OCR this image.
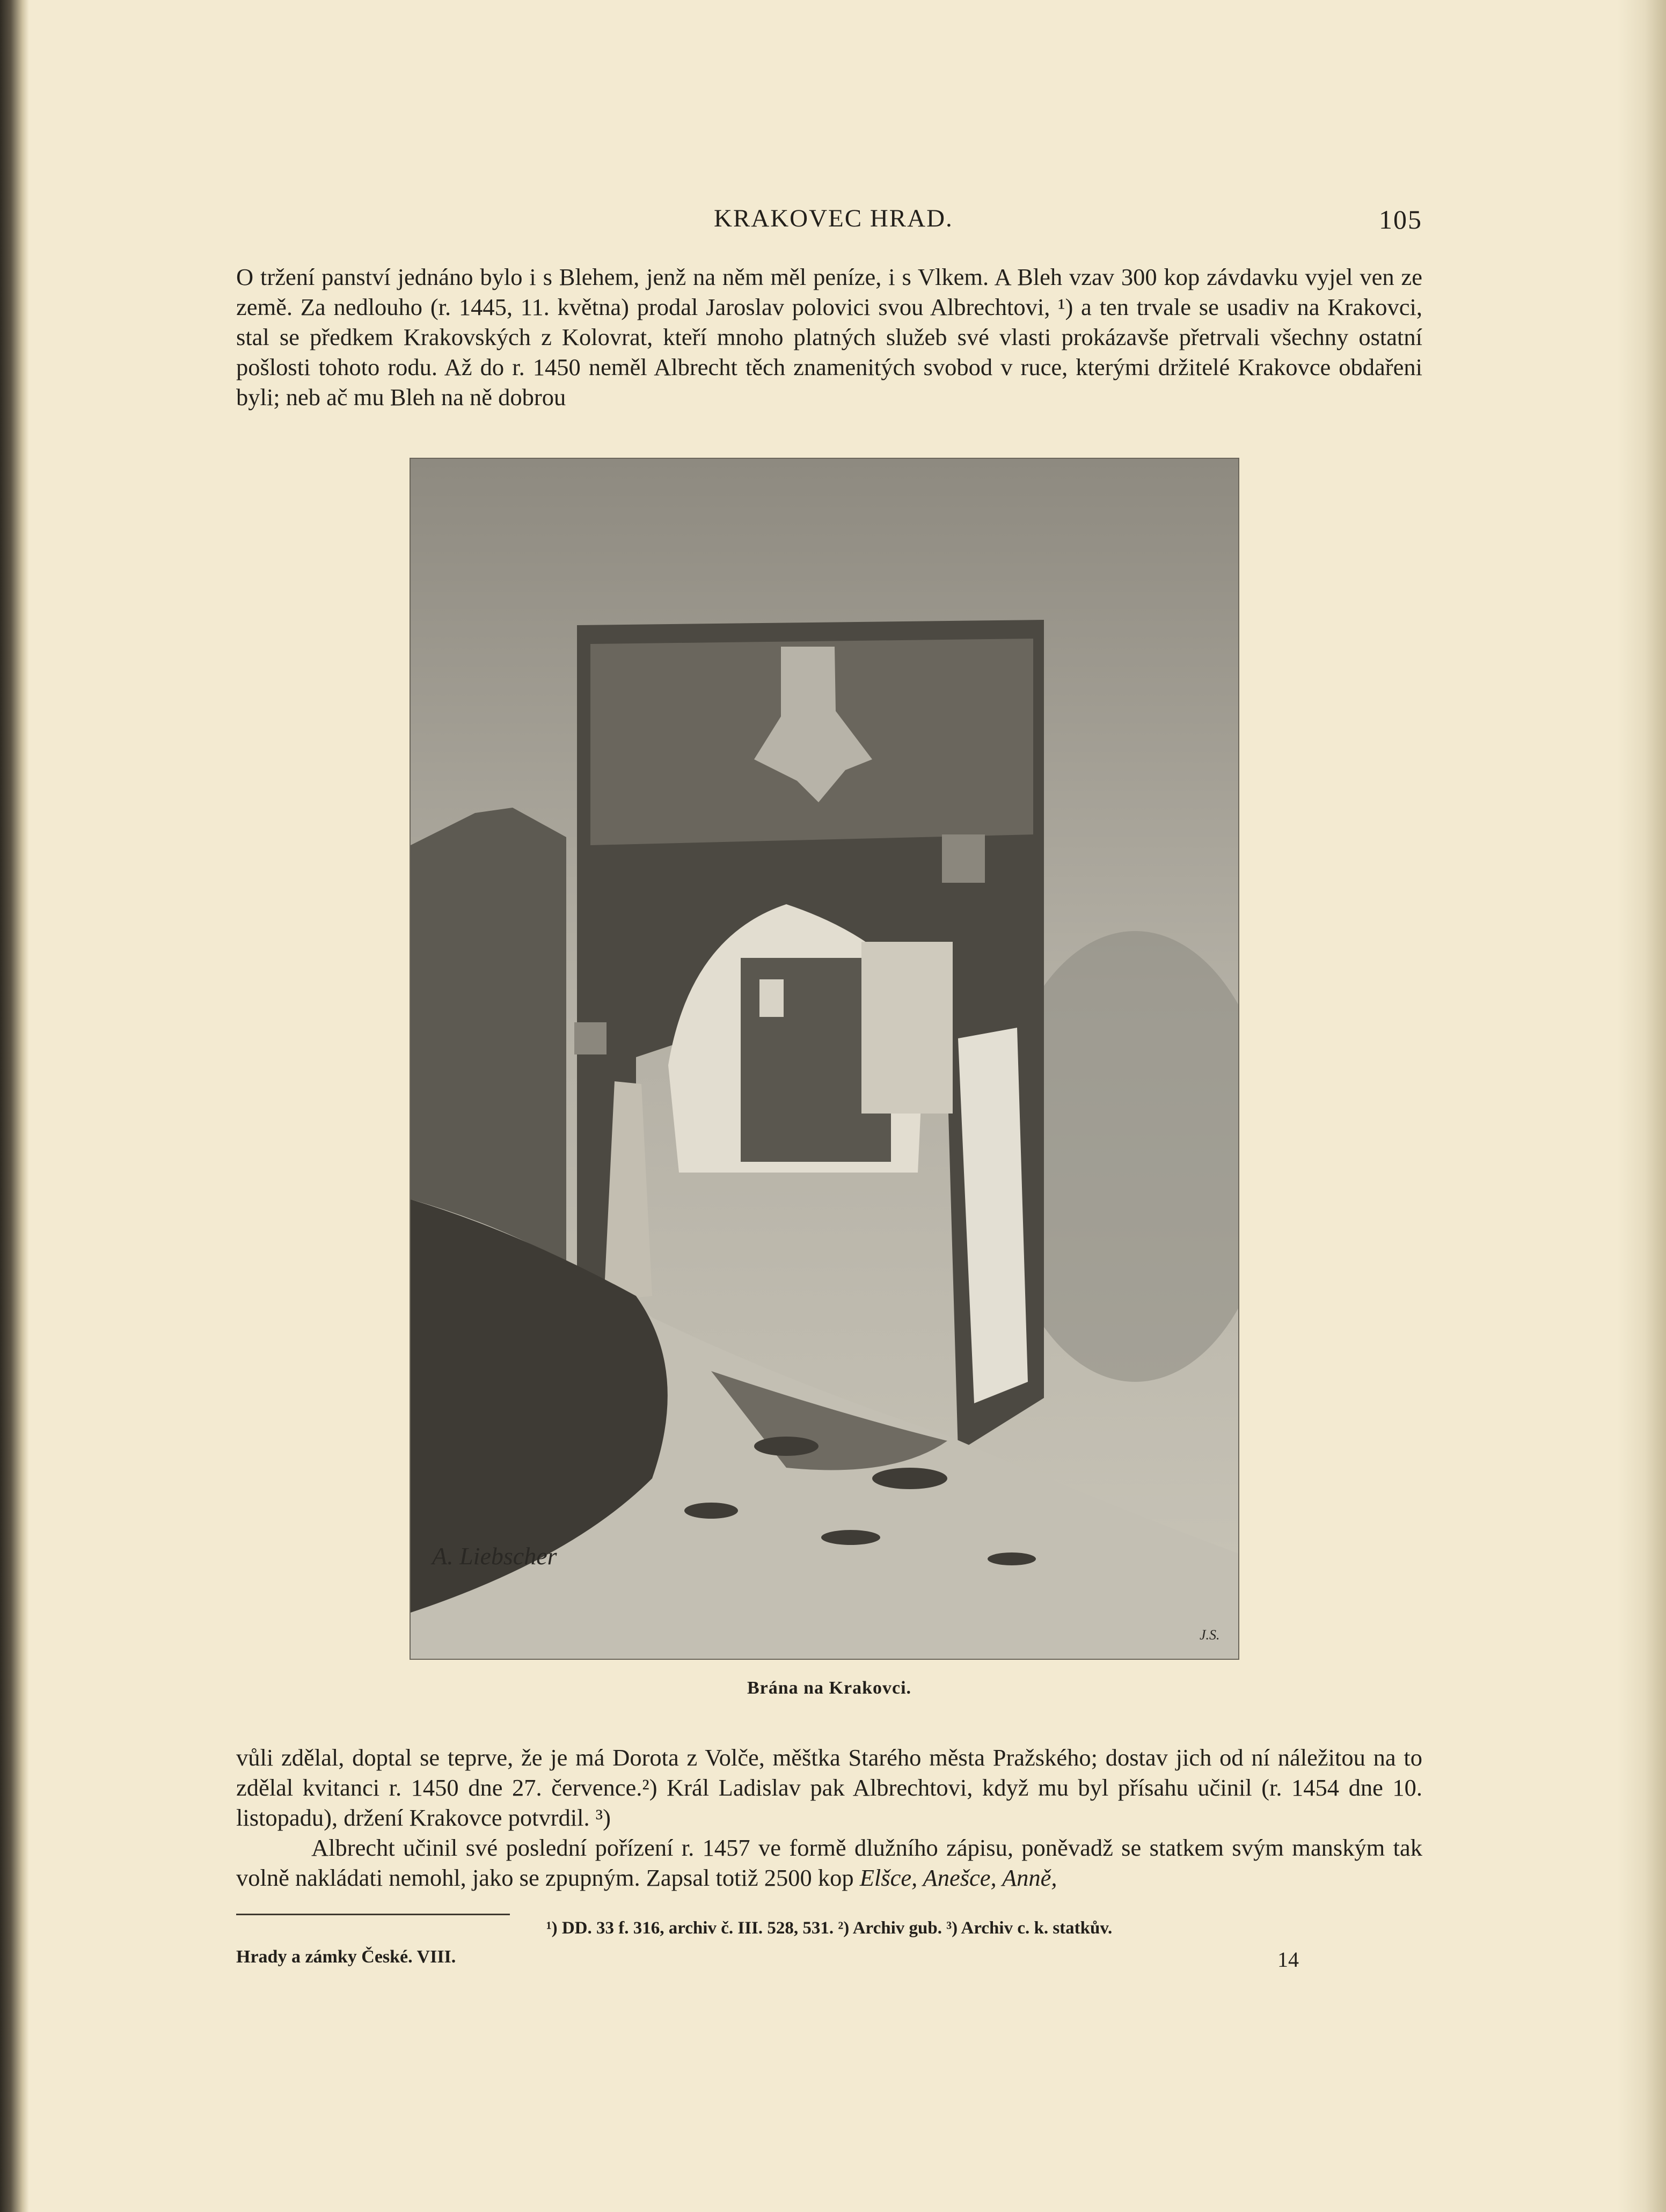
KRAKOVEC HRAD.	105

O tržení panství jednáno bylo i s Blehem, jenž na něm měl peníze, i s Vlkem. A Bleh vzav 300 kop závdavku vyjel ven ze země. Za nedlouho (r. 1445, 11. května) prodal Jaroslav polovici svou Albrechtovi, ¹) a ten trvale se usadiv na Krakovci, stal se předkem Krakovských z Kolovrat, kteří mnoho platných služeb své vlasti prokázavše přetrvali všechny ostatní pošlosti tohoto rodu. Až do r. 1450 neměl Albrecht těch znamenitých svobod v ruce, kterými držitelé Krakovce obdařeni byli; neb ač mu Bleh na ně dobrou

A. Liebscher
J.S.
Brána na Krakovci.

vůli zdělal, doptal se teprve, že je má Dorota z Volče, měštka Starého města Pražského; dostav jich od ní náležitou na to zdělal kvitanci r. 1450 dne 27. července.²) Král Ladislav pak Albrechtovi, když mu byl přísahu učinil (r. 1454 dne 10. listopadu), držení Krakovce potvrdil. ³)

Albrecht učinil své poslední pořízení r. 1457 ve formě dlužního zápisu, poněvadž se statkem svým manským tak volně nakládati nemohl, jako se zpupným. Zapsal totiž 2500 kop Elšce, Anešce, Anně,

¹) DD. 33 f. 316, archiv č. III. 528, 531. ²) Archiv gub. ³) Archiv c. k. statkův.
Hrady a zámky České. VIII.	14
